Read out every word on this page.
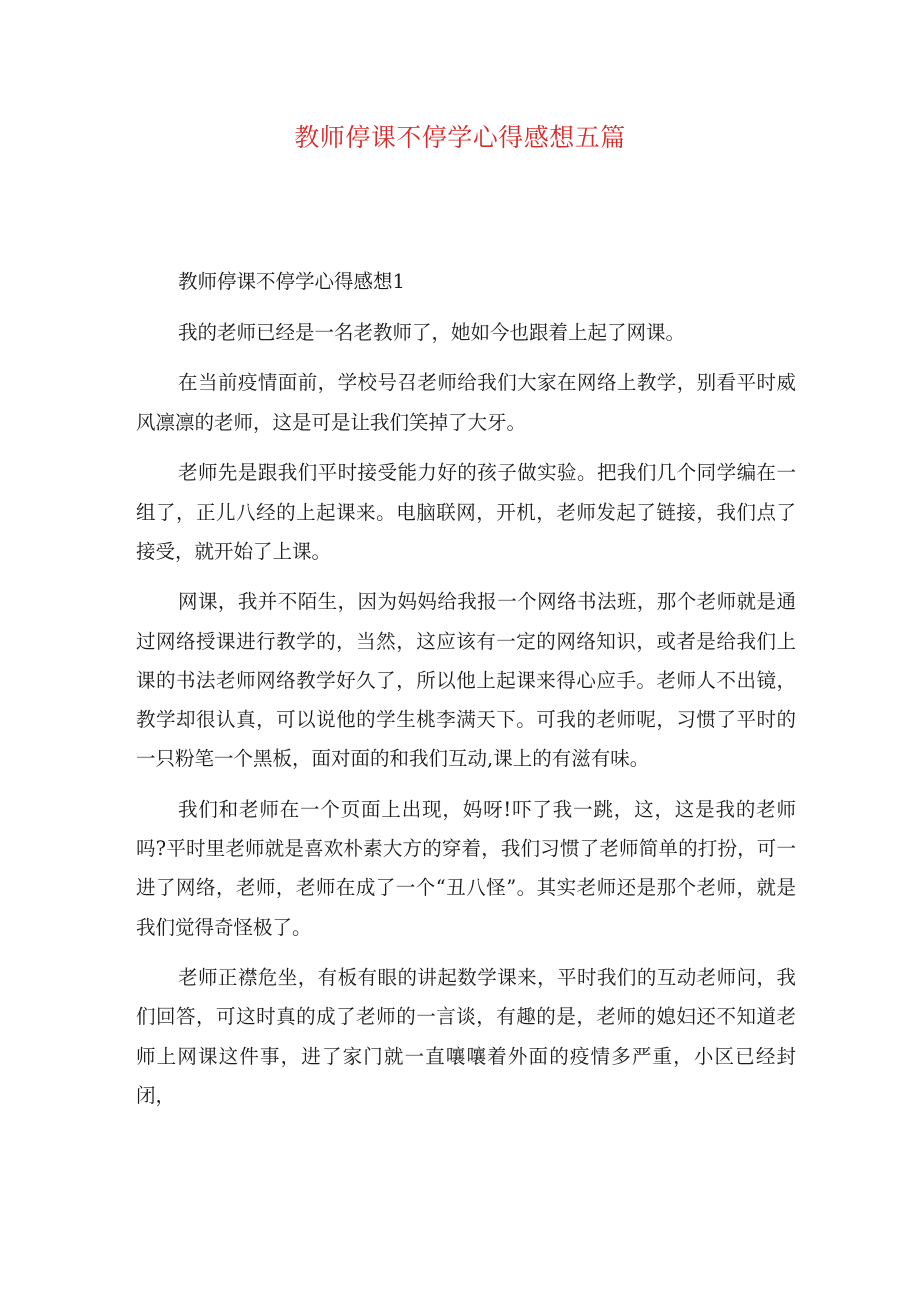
教师停课不停学心得感想五篇

教师停课不停学心得感想1

我的老师已经是一名老教师了，她如今也跟着上起了网课。

在当前疫情面前，学校号召老师给我们大家在网络上教学，别看平时威风凛凛的老师，这是可是让我们笑掉了大牙。

老师先是跟我们平时接受能力好的孩子做实验。把我们几个同学编在一组了，正儿八经的上起课来。电脑联网，开机，老师发起了链接，我们点了接受，就开始了上课。

网课，我并不陌生，因为妈妈给我报一个网络书法班，那个老师就是通过网络授课进行教学的，当然，这应该有一定的网络知识，或者是给我们上课的书法老师网络教学好久了，所以他上起课来得心应手。老师人不出镜，教学却很认真，可以说他的学生桃李满天下。可我的老师呢，习惯了平时的一只粉笔一个黑板，面对面的和我们互动,课上的有滋有味。

我们和老师在一个页面上出现，妈呀!吓了我一跳，这，这是我的老师吗?平时里老师就是喜欢朴素大方的穿着，我们习惯了老师简单的打扮，可一进了网络，老师，老师在成了一个“丑八怪”。其实老师还是那个老师，就是我们觉得奇怪极了。

老师正襟危坐，有板有眼的讲起数学课来，平时我们的互动老师问，我们回答，可这时真的成了老师的一言谈，有趣的是，老师的媳妇还不知道老师上网课这件事，进了家门就一直嚷嚷着外面的疫情多严重，小区已经封闭，
